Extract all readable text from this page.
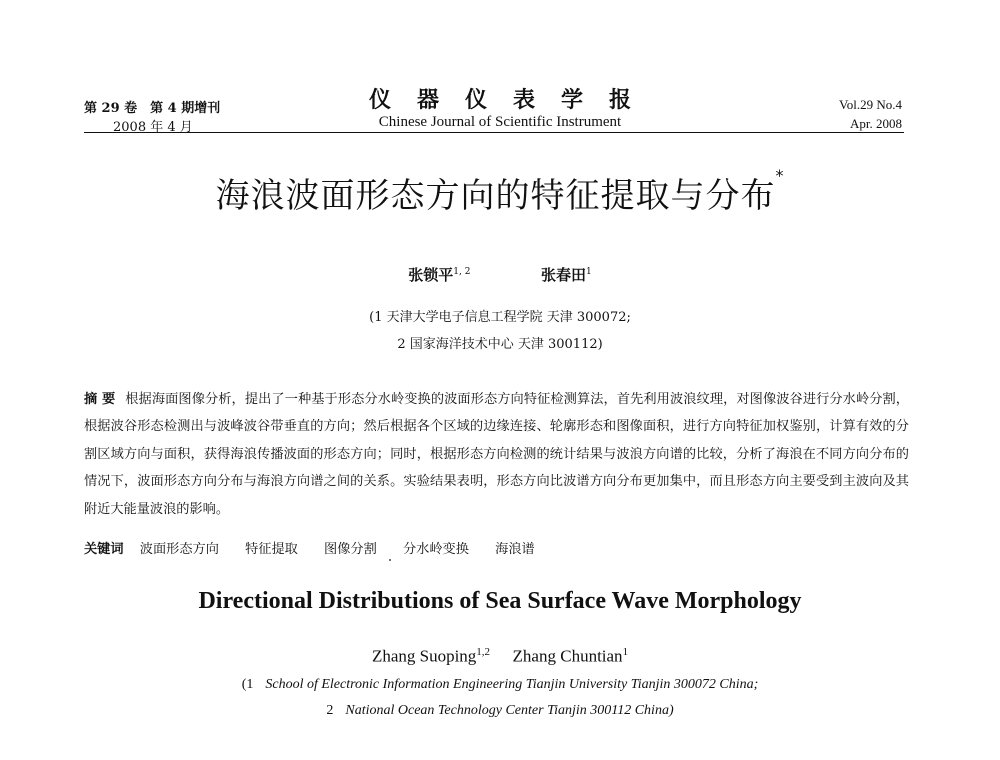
第 29 卷　第 4 期增刊
2008 年 4 月
仪器仪表学报
Chinese Journal of Scientific Instrument
Vol.29 No.4
Apr. 2008
海浪波面形态方向的特征提取与分布*
张锁平$^{1, 2}$	张春田$^1$
(1 天津大学电子信息工程学院 天津 300072;
2 国家海洋技术中心 天津 300112)
摘 要 根据海面图像分析，提出了一种基于形态分水岭变换的波面形态方向特征检测算法，首先利用波浪纹理，对图像波谷进行分水岭分割，根据波谷形态检测出与波峰波谷带垂直的方向；然后根据各个区域的边缘连接、轮廓形态和图像面积，进行方向特征加权鉴别，计算有效的分割区域方向与面积，获得海浪传播波面的形态方向；同时，根据形态方向检测的统计结果与波浪方向谱的比较，分析了海浪在不同方向分布的情况下，波面形态方向分布与海浪方向谱之间的关系。实验结果表明，形态方向比波谱方向分布更加集中，而且形态方向主要受到主波向及其附近大能量波浪的影响。
关键词 波面形态方向 特征提取 图像分割 分水岭变换 海浪谱
Directional Distributions of Sea Surface Wave Morphology
Zhang Suoping$^{1,2}$ Zhang Chuntian$^1$
(1 School of Electronic Information Engineering Tianjin University Tianjin 300072 China;
2 National Ocean Technology Center Tianjin 300112 China)
